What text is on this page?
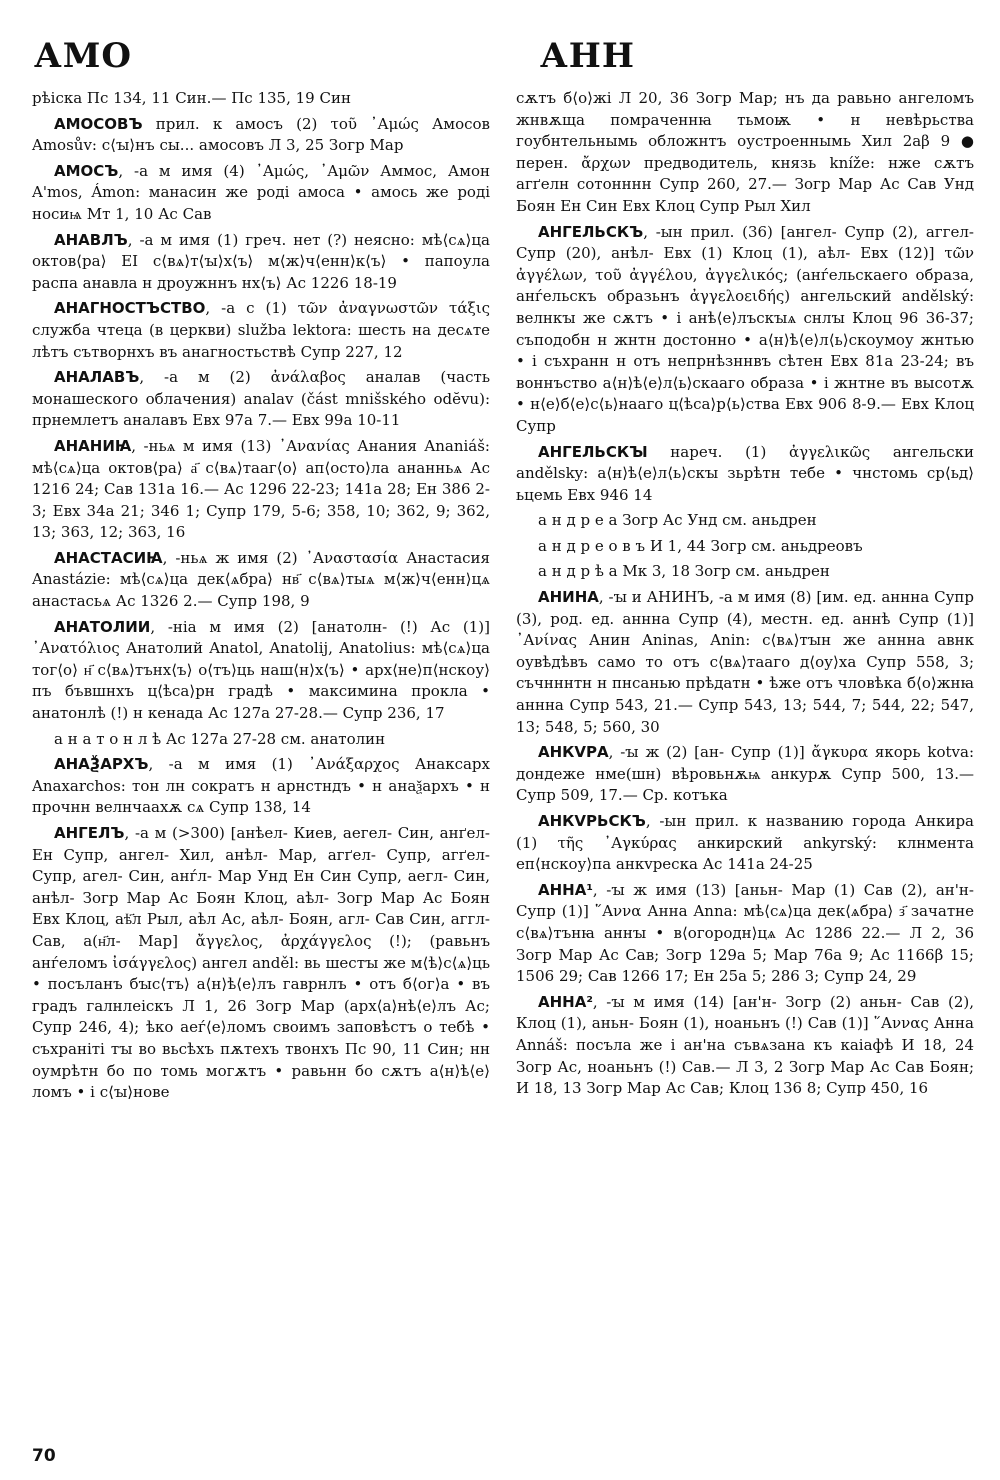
АМО	АНН

рѣіска Пс 134, 11 Син.— Пс 135, 19 Син

АМОСОВЪ прил. к амосъ (2) τοῦ ᾿Αμώς Амосов Amosův: с⟨ꙑ⟩нъ сы... амосовъ Л 3, 25 Зогр Мар

АМОСЪ, -а м имя (4) ᾿Αμώς, ᾿Αμῶν Аммос, Амон A'mos, Ámon: манасин же роді амоса • амось же роді носиѩ Мт 1, 10 Ас Сав

АНАВЛЪ, -а м имя (1) греч. нет (?) неясно: мѣ⟨сѧ⟩ца октов⟨ра⟩ ЕІ с⟨вѧ⟩т⟨ꙑ⟩х⟨ъ⟩ м⟨ж⟩ч⟨енн⟩к⟨ъ⟩ • папоула распа анавла н дроужннъ нх⟨ъ⟩ Ас 1226 18-19

АНАГНОСТЪСТВО, -а с (1) τῶν ἀναγνωστῶν τάξις служба чтеца (в церкви) služba lektora: шесть на десѧте лѣтъ сътворнхъ въ анагностьствѣ Супр 227, 12

АНАЛАВЪ, -а м (2) ἀνάλαβος аналав (часть монашеского облачения) analav (část mnišského odĕvu): прнемлетъ аналавъ Евх 97а 7.— Евх 99а 10-11

АНАНИꙖ, -ньѧ м имя (13) ᾿Ανανίας Анания Ananiáš: мѣ⟨сѧ⟩ца октов⟨ра⟩ а҃ с⟨вѧ⟩тааг⟨о⟩ ап⟨осто⟩ла ананньѧ Ас 1216 24; Сав 131а 16.— Ас 1296 22-23; 141а 28; Ен 386 2-3; Евх 34а 21; 346 1; Супр 179, 5-6; 358, 10; 362, 9; 362, 13; 363, 12; 363, 16

АНАСТАСИꙖ, -ньѧ ж имя (2) ᾿Αναστασία Анастасия Anastázie: мѣ⟨сѧ⟩ца дек⟨ѧбра⟩ нв҃ с⟨вѧ⟩тыѧ м⟨ж⟩ч⟨енн⟩цѧ анастасьѧ Ас 1326 2.— Супр 198, 9

АНАТОЛИИ, -ніа м имя (2) [анатолн- (!) Ас (1)] ᾿Ανατόλιος Анатолий Anatol, Anatolij, Anatolius: мѣ⟨сѧ⟩ца тог⟨о⟩ н҃ с⟨вѧ⟩тънх⟨ъ⟩ о⟨тъ⟩ць наш⟨н⟩х⟨ъ⟩ • арх⟨не⟩п⟨нскоу⟩пъ бъвшнхъ ц⟨ѣса⟩рн градѣ • максимина прокла • анатонлѣ (!) н кенада Ас 127а 27-28.— Супр 236, 17

а н а т о н л ѣ Ас 127а 27-28 см. анатолин

АНАѮАРХЪ, -а м имя (1) ᾿Ανάξαρχος Анаксарх Anaxarchos: тон лн сократъ н арнстндъ • н анаѯархъ • н прочнн велнчаахѫ сѧ Супр 138, 14

АНГЕЛЪ, -а м (>300) [анѣел- Киев, аегел- Син, анґел- Ен Супр, ангел- Хил, анѣл- Мар, агґел- Супр, агґел- Супр, агел- Син, анѓл- Мар Унд Ен Син Супр, аегл- Син, анѣл- Зогр Мар Ас Боян Клоц, аѣл- Зогр Мар Ас Боян Евх Клоц, аѣ҃л Рыл, аѣл Ас, аѣл- Боян, агл- Сав Син, аггл- Сав, а(н҃л- Мар] ἄγγελος, ἀρχάγγελος (!); (равьнъ анѓеломъ ἰσάγγελος) ангел anděl: вь шестꙑ же м⟨ѣ⟩с⟨ѧ⟩ць • посъланъ бꙑс⟨тъ⟩ а⟨н⟩ѣ⟨е⟩лъ гаврнлъ • отъ б⟨ог⟩а • въ градъ галнлеіскъ Л 1, 26 Зогр Мар (арх⟨а⟩нѣ⟨е⟩лъ Ас; Супр 246, 4); ѣко аеѓ⟨е⟩ломъ своимъ заповѣстъ о тебѣ • съхраніті тꙑ во вьсѣхъ пѫтехъ твонхъ Пс 90, 11 Син; нн оумрѣтн бо по томь могѫтъ • равьнн бо сѫтъ а⟨н⟩ѣ⟨е⟩ломъ • і с⟨ꙑ⟩нове

сѫтъ б⟨о⟩жі Л 20, 36 Зогр Мар; нъ да равьно ангеломъ жнвѫща помраченнꙗ тьмоѭ • н невѣрьства гоубнтельнымь обложнтъ оустроеннымь Хил 2аβ 9 ● перен. ἄρχων предводитель, князь kníže: нже сѫтъ агґелн сотонннн Супр 260, 27.— Зогр Мар Ас Сав Унд Боян Ен Син Евх Клоц Супр Рыл Хил

АНГЕЛЬСКЪ, -ын прил. (36) [ангел- Супр (2), аггел- Супр (20), анѣл- Евх (1) Клоц (1), аѣл- Евх (12)] τῶν ἀγγέλων, τοῦ ἀγγέλου, ἀγγελικός; (анѓельскаего образа, анѓельскъ образьнъ ἀγγελοειδής) ангельский andělský: велнкꙑ же сѫтъ • і анѣ⟨е⟩лъскꙑѧ снлꙑ Клоц 96 36-37; съподобн н жнтн достонно • а⟨н⟩ѣ⟨е⟩л⟨ь⟩скоумоу жнтью • і съхранн н отъ непрнѣзннвъ сѣтен Евх 81а 23-24; въ воннъство а⟨н⟩ѣ⟨е⟩л⟨ь⟩скааго образа • і жнтне въ высотѫ • н⟨е⟩б⟨е⟩с⟨ь⟩нааго ц⟨ѣса⟩р⟨ь⟩ства Евх 906 8-9.— Евх Клоц Супр

АНГЕЛЬСКꙐ нареч. (1) ἀγγελικῶς ангельски andělsky: а⟨н⟩ѣ⟨е⟩л⟨ь⟩скꙑ зьрѣтн тебе • чнстомь ср⟨ьд⟩ьцемь Евх 946 14

а н д р е а Зогр Ас Унд см. аньдрен

а н д р е о в ъ И 1, 44 Зогр см. аньдреовъ

а н д р ѣ а Мк 3, 18 Зогр см. аньдрен

АНИНА, -ꙑ и АНИНЪ, -а м имя (8) [им. ед. аннна Супр (3), род. ед. аннна Супр (4), местн. ед. аннѣ Супр (1)] ᾿Ανίνας Анин Aninas, Anin: с⟨вѧ⟩тꙑн же аннна авнк оувѣдѣвъ само то отъ с⟨вѧ⟩тааго д⟨оу⟩ха Супр 558, 3; съчнннтн н пнсанью прѣдатн • ѣже отъ чловѣка б⟨о⟩жнꙗ аннна Супр 543, 21.— Супр 543, 13; 544, 7; 544, 22; 547, 13; 548, 5; 560, 30

АНКVРА, -ꙑ ж (2) [ан- Супр (1)] ἄγκυρα якорь kotva: дондеже нме(шн) вѣровьнѫѩ анкурѫ Супр 500, 13.— Супр 509, 17.— Ср. котъка

АНКVРЬСКЪ, -ын прил. к названию города Анкира (1) τῆς ᾿Αγκύρας анкирский ankyrský: клнмента еп⟨нскоу⟩па анкvреска Ас 141а 24-25

АННА¹, -ꙑ ж имя (13) [аньн- Мар (1) Сав (2), ан'н- Супр (1)] ῞Αννα Анна Anna: мѣ⟨сѧ⟩ца дек⟨ѧбра⟩ з҃ зачатне с⟨вѧ⟩тънꙗ аннꙑ • в⟨огородн⟩цѧ Ас 1286 22.— Л 2, 36 Зогр Мар Ас Сав; Зогр 129а 5; Мар 76а 9; Ас 1166β 15; 1506 29; Сав 1266 17; Ен 25а 5; 286 3; Супр 24, 29

АННА², -ꙑ м имя (14) [ан'н- Зогр (2) аньн- Сав (2), Клоц (1), аньн- Боян (1), ноаньнъ (!) Сав (1)] ῞Αννας Анна Annáš: посъла же і ан'на съвѧзана къ каіафѣ И 18, 24 Зогр Ас, ноаньнъ (!) Сав.— Л 3, 2 Зогр Мар Ас Сав Боян; И 18, 13 Зогр Мар Ас Сав; Клоц 136 8; Супр 450, 16

70
